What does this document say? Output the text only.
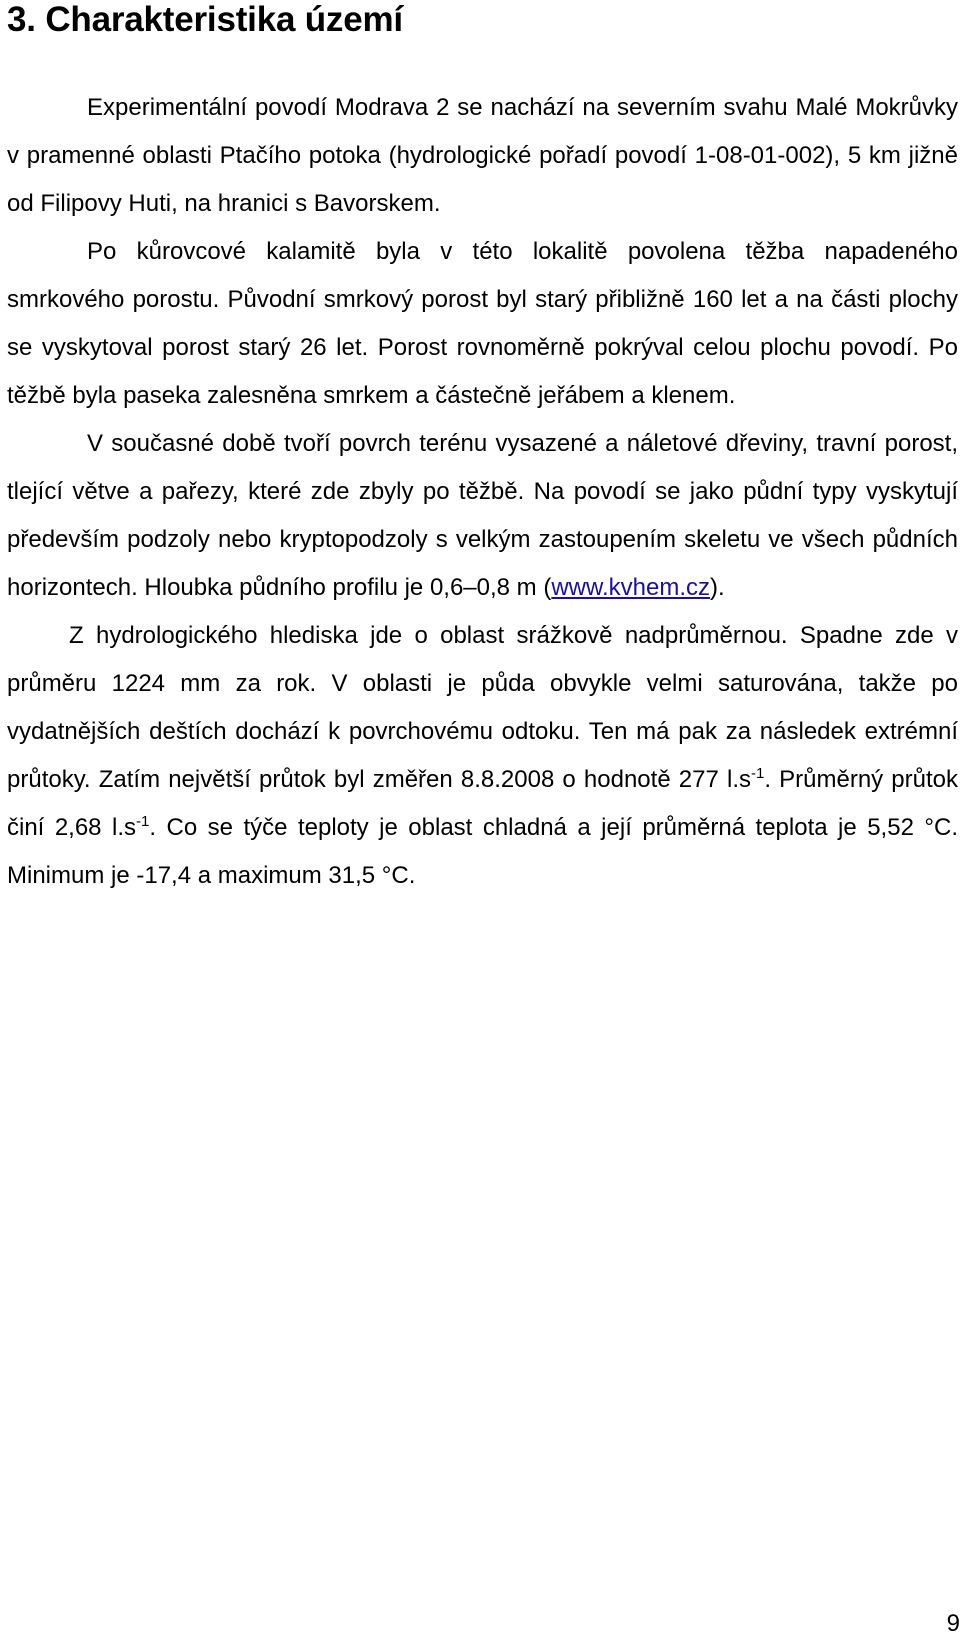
3. Charakteristika území

Experimentální povodí Modrava 2 se nachází na severním svahu Malé Mokrůvky v pramenné oblasti Ptačího potoka (hydrologické pořadí povodí 1-08-01-002), 5 km jižně od Filipovy Huti, na hranici s Bavorskem.

Po kůrovcové kalamitě byla v této lokalitě povolena těžba napadeného smrkového porostu. Původní smrkový porost byl starý přibližně 160 let a na části plochy se vyskytoval porost starý 26 let. Porost rovnoměrně pokrýval celou plochu povodí. Po těžbě byla paseka zalesněna smrkem a částečně jeřábem a klenem.

V současné době tvoří povrch terénu vysazené a náletové dřeviny, travní porost, tlející větve a pařezy, které zde zbyly po těžbě. Na povodí se jako půdní typy vyskytují především podzoly nebo kryptopodzoly s velkým zastoupením skeletu ve všech půdních horizontech. Hloubka půdního profilu je 0,6–0,8 m (www.kvhem.cz).

Z hydrologického hlediska jde o oblast srážkově nadprůměrnou. Spadne zde v průměru 1224 mm za rok. V oblasti je půda obvykle velmi saturována, takže po vydatnějších deštích dochází k povrchovému odtoku. Ten má pak za následek extrémní průtoky. Zatím největší průtok byl změřen 8.8.2008 o hodnotě 277 $l.s^{-1}$. Průměrný průtok činí 2,68 $l.s^{-1}$. Co se týče teploty je oblast chladná a její průměrná teplota je 5,52 °C. Minimum je -17,4 a maximum 31,5 °C.

9
